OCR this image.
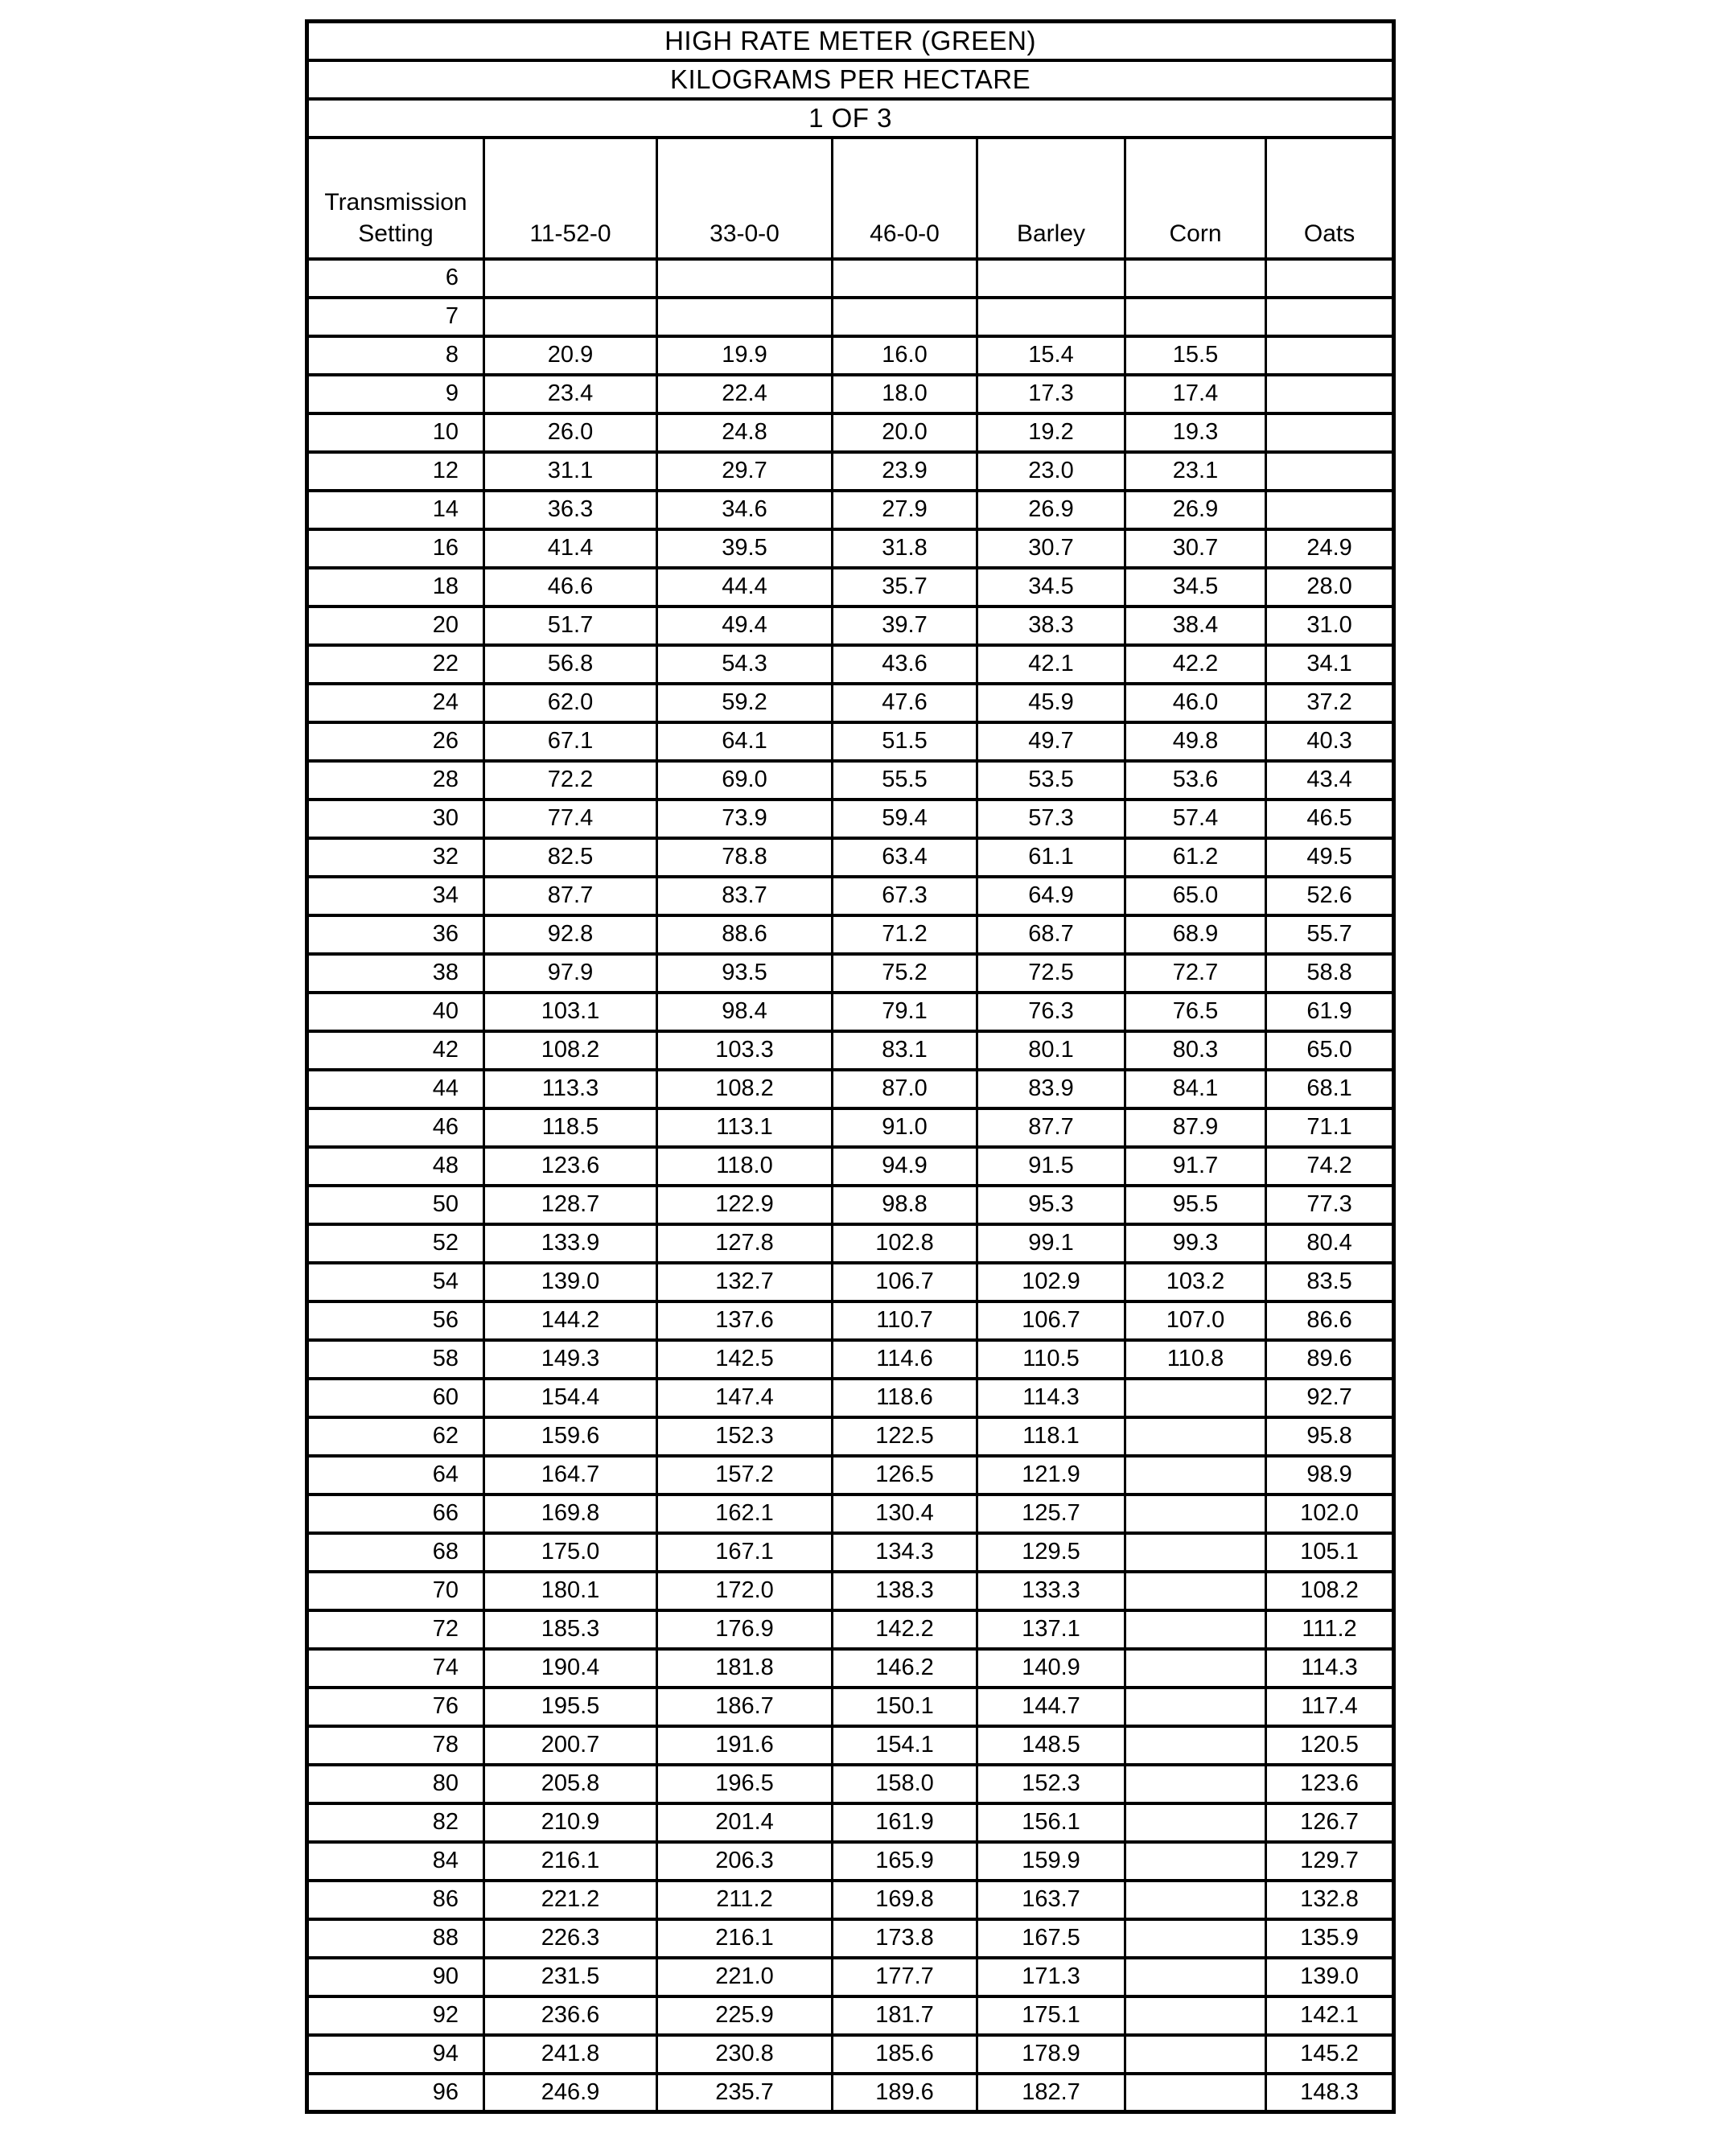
HIGH RATE METER (GREEN)						
KILOGRAMS PER HECTARE						
1 OF 3						
Transmission Setting	11-52-0	33-0-0	46-0-0	Barley	Corn	Oats
6						
7						
8	20.9	19.9	16.0	15.4	15.5	
9	23.4	22.4	18.0	17.3	17.4	
10	26.0	24.8	20.0	19.2	19.3	
12	31.1	29.7	23.9	23.0	23.1	
14	36.3	34.6	27.9	26.9	26.9	
16	41.4	39.5	31.8	30.7	30.7	24.9
18	46.6	44.4	35.7	34.5	34.5	28.0
20	51.7	49.4	39.7	38.3	38.4	31.0
22	56.8	54.3	43.6	42.1	42.2	34.1
24	62.0	59.2	47.6	45.9	46.0	37.2
26	67.1	64.1	51.5	49.7	49.8	40.3
28	72.2	69.0	55.5	53.5	53.6	43.4
30	77.4	73.9	59.4	57.3	57.4	46.5
32	82.5	78.8	63.4	61.1	61.2	49.5
34	87.7	83.7	67.3	64.9	65.0	52.6
36	92.8	88.6	71.2	68.7	68.9	55.7
38	97.9	93.5	75.2	72.5	72.7	58.8
40	103.1	98.4	79.1	76.3	76.5	61.9
42	108.2	103.3	83.1	80.1	80.3	65.0
44	113.3	108.2	87.0	83.9	84.1	68.1
46	118.5	113.1	91.0	87.7	87.9	71.1
48	123.6	118.0	94.9	91.5	91.7	74.2
50	128.7	122.9	98.8	95.3	95.5	77.3
52	133.9	127.8	102.8	99.1	99.3	80.4
54	139.0	132.7	106.7	102.9	103.2	83.5
56	144.2	137.6	110.7	106.7	107.0	86.6
58	149.3	142.5	114.6	110.5	110.8	89.6
60	154.4	147.4	118.6	114.3		92.7
62	159.6	152.3	122.5	118.1		95.8
64	164.7	157.2	126.5	121.9		98.9
66	169.8	162.1	130.4	125.7		102.0
68	175.0	167.1	134.3	129.5		105.1
70	180.1	172.0	138.3	133.3		108.2
72	185.3	176.9	142.2	137.1		111.2
74	190.4	181.8	146.2	140.9		114.3
76	195.5	186.7	150.1	144.7		117.4
78	200.7	191.6	154.1	148.5		120.5
80	205.8	196.5	158.0	152.3		123.6
82	210.9	201.4	161.9	156.1		126.7
84	216.1	206.3	165.9	159.9		129.7
86	221.2	211.2	169.8	163.7		132.8
88	226.3	216.1	173.8	167.5		135.9
90	231.5	221.0	177.7	171.3		139.0
92	236.6	225.9	181.7	175.1		142.1
94	241.8	230.8	185.6	178.9		145.2
96	246.9	235.7	189.6	182.7		148.3
